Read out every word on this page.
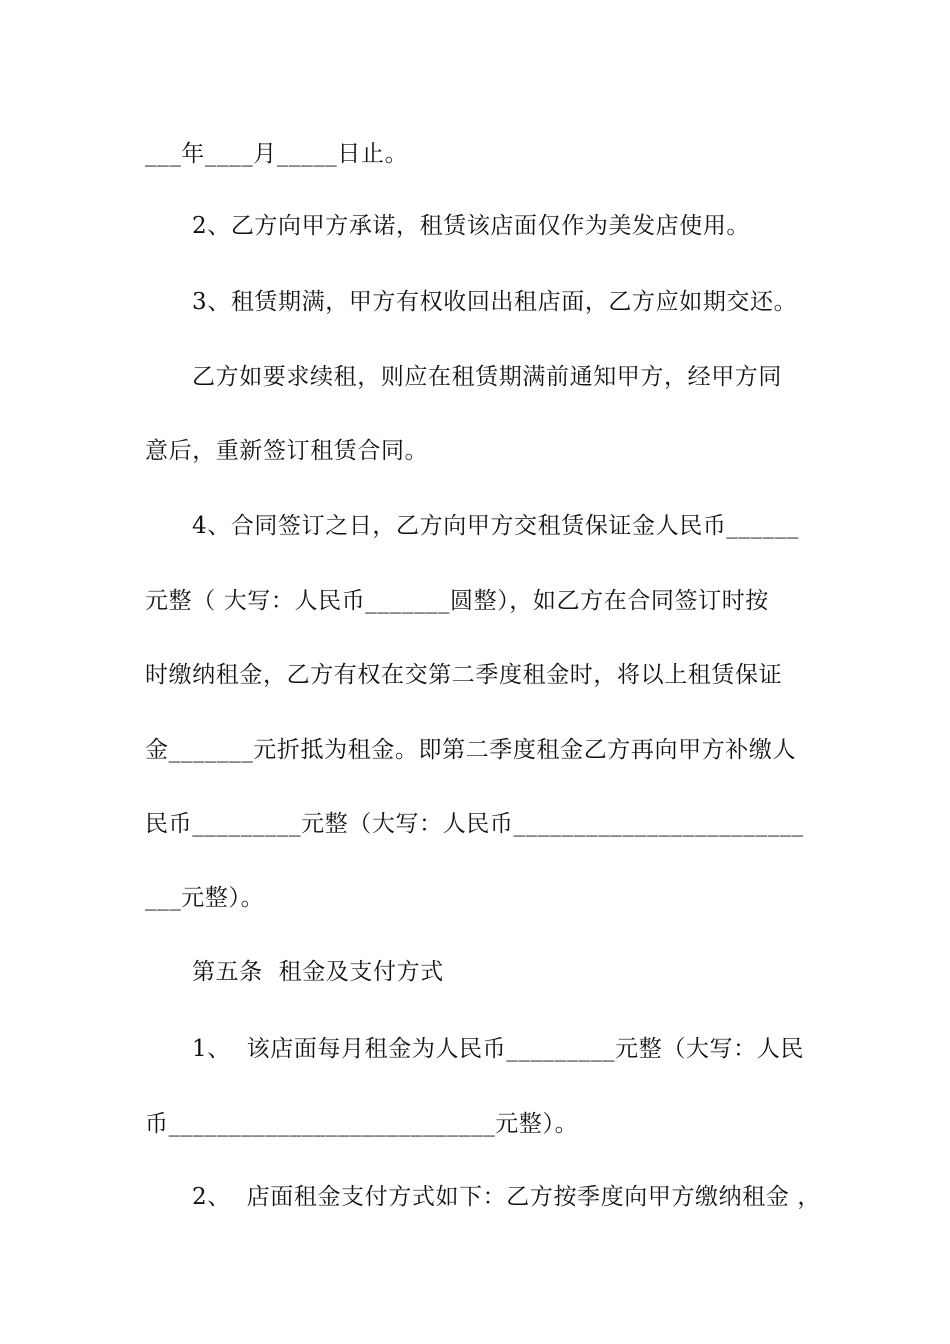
___年____月_____日止。
2、乙方向甲方承诺，租赁该店面仅作为美发店使用。
3、租赁期满，甲方有权收回出租店面，乙方应如期交还。
乙方如要求续租，则应在租赁期满前通知甲方，经甲方同
意后，重新签订租赁合同。
4、合同签订之日，乙方向甲方交租赁保证金人民币______
元整（ 大写：人民币_______圆整），如乙方在合同签订时按
时缴纳租金，乙方有权在交第二季度租金时，将以上租赁保证
金_______元折抵为租金。即第二季度租金乙方再向甲方补缴人
民币_________元整（大写：人民币________________________
___元整）。
第五条  租金及支付方式
1、  该店面每月租金为人民币_________元整（大写：人民
币___________________________元整）。
2、  店面租金支付方式如下：乙方按季度向甲方缴纳租金 ，
